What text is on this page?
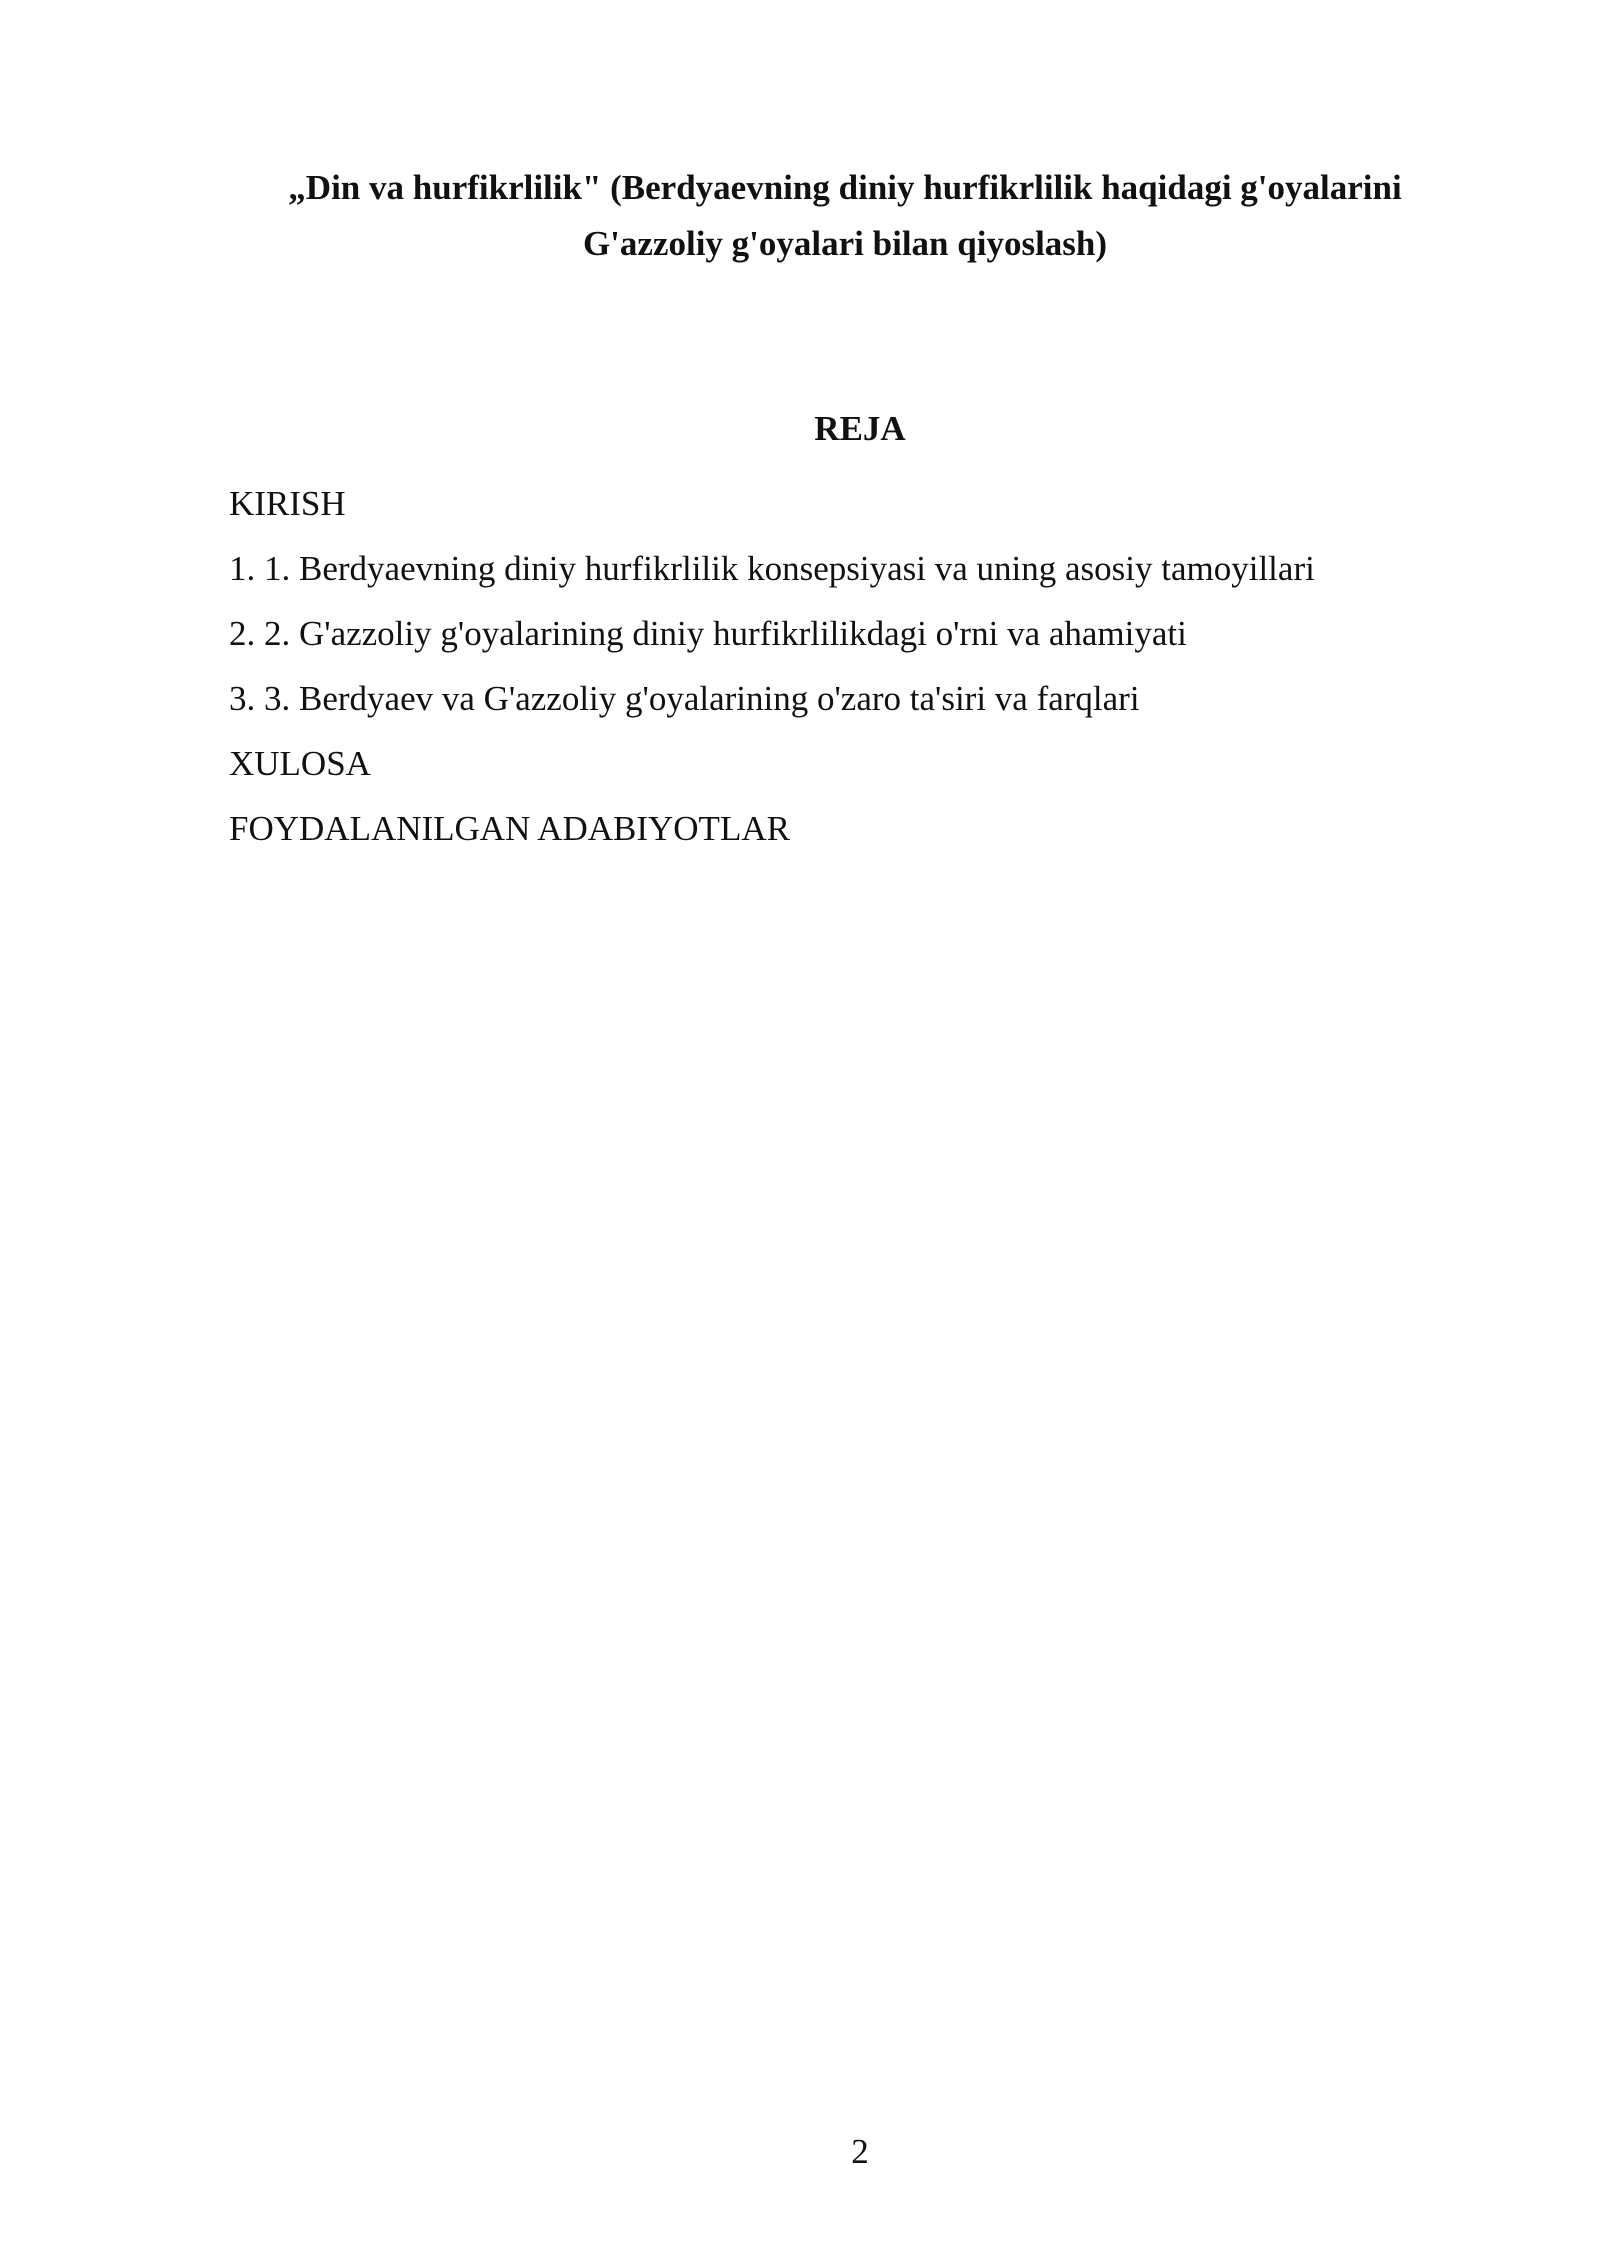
„Din va hurfikrlilik" (Berdyaevning diniy hurfikrlilik haqidagi g'oyalarini
G'azzoliy g'oyalari bilan qiyoslash)
REJA
KIRISH
1. 1. Berdyaevning diniy hurfikrlilik konsepsiyasi va uning asosiy tamoyillari
2. 2. G'azzoliy g'oyalarining diniy hurfikrlilikdagi o'rni va ahamiyati
3. 3. Berdyaev va G'azzoliy g'oyalarining o'zaro ta'siri va farqlari
XULOSA
FOYDALANILGAN ADABIYOTLAR
2
